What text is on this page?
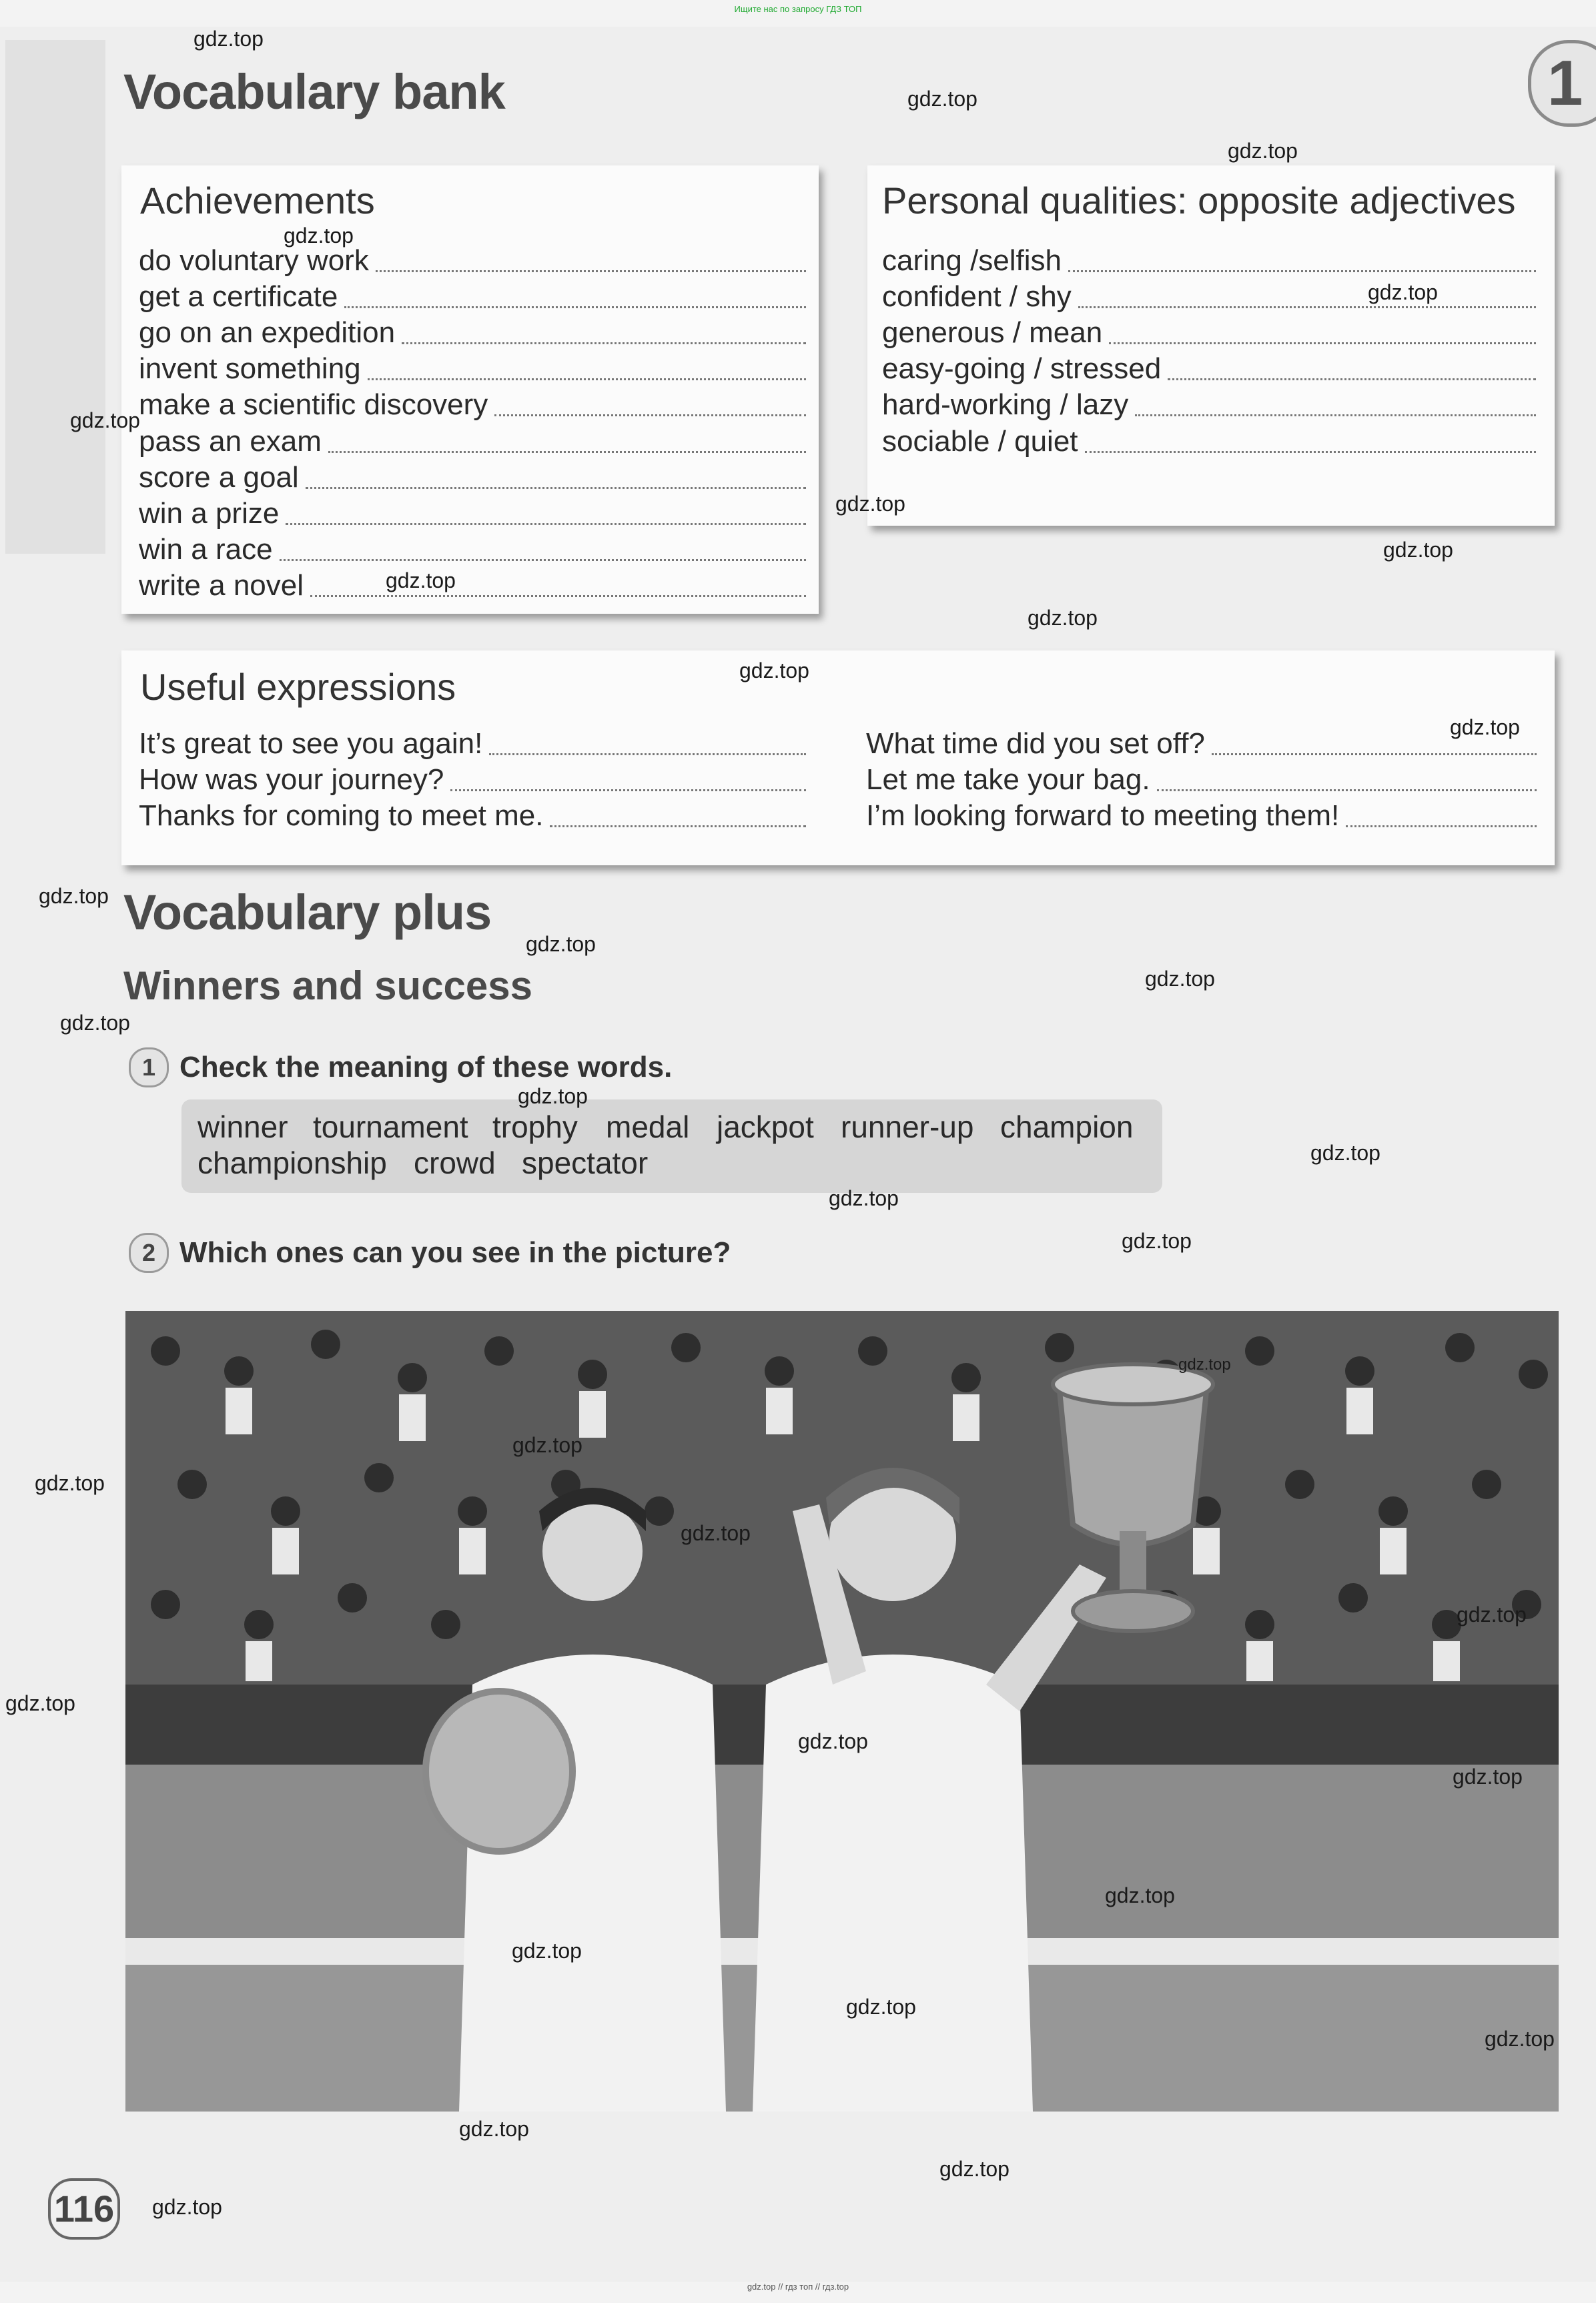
Ищите нас по запросу ГДЗ ТОП
1
Vocabulary bank
Achievements
do voluntary work
get a certificate
go on an expedition
invent something
make a scientific discovery
pass an exam
score a goal
win a prize
win a race
write a novel
Personal qualities: opposite adjectives
caring /selfish
confident / shy
generous / mean
easy-going / stressed
hard-working / lazy
sociable / quiet
Useful expressions
It’s great to see you again!
How was your journey?
Thanks for coming to meet me.
What time did you set off?
Let me take your bag.
I’m looking forward to meeting them!
Vocabulary plus
Winners and success
1 Check the meaning of these words.
winner tournament trophy medal jackpot runner-up champion
championship crowd spectator
2 Which ones can you see in the picture?
116
gdz.top
gdz.top
gdz.top
gdz.top
gdz.top
gdz.top
gdz.top
gdz.top
gdz.top
gdz.top
gdz.top
gdz.top
gdz.top
gdz.top
gdz.top
gdz.top
gdz.top
gdz.top
gdz.top
gdz.top
gdz.top
gdz.top
gdz.top
gdz.top
gdz.top
gdz.top
gdz.top
gdz.top
gdz.top
gdz.top
gdz.top
gdz.top
gdz.top
gdz.top
gdz.top
gdz.top // гдз топ // гдз.top
